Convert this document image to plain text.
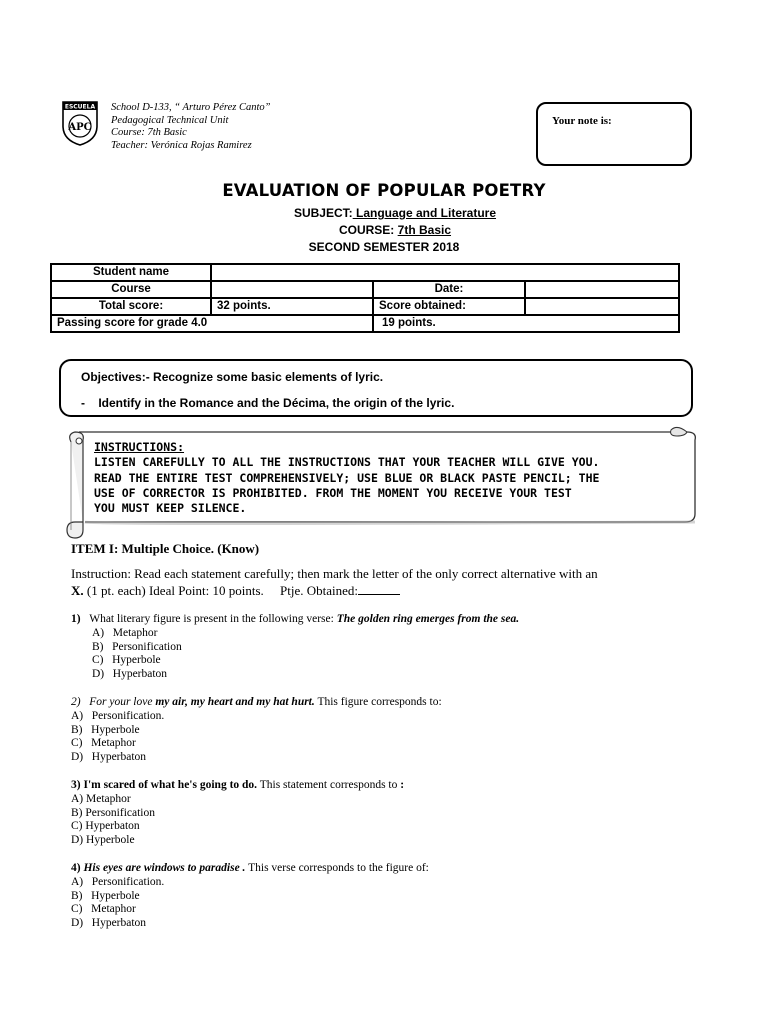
ESCUELA
APC
School D-133, “ Arturo Pérez Canto”
Pedagogical Technical Unit
Course: 7th Basic
Teacher: Verónica Rojas Ramirez
Your note is:
EVALUATION OF POPULAR POETRY
SUBJECT: Language and Literature
COURSE: 7th Basic
SECOND SEMESTER 2018
Student name			
Course		Date:	
Total score:	32 points.	Score obtained:	
Passing score for grade 4.0		19 points.	
Objectives:- Recognize some basic elements of lyric.
- Identify in the Romance and the Décima, the origin of the lyric.
INSTRUCTIONS:
LISTEN CAREFULLY TO ALL THE INSTRUCTIONS THAT YOUR TEACHER WILL GIVE YOU.
READ THE ENTIRE TEST COMPREHENSIVELY; USE BLUE OR BLACK PASTE PENCIL; THE
USE OF CORRECTOR IS PROHIBITED. FROM THE MOMENT YOU RECEIVE YOUR TEST
YOU MUST KEEP SILENCE.
ITEM I: Multiple Choice. (Know)
Instruction: Read each statement carefully; then mark the letter of the only correct alternative with an
X. (1 pt. each) Ideal Point: 10 points.     Ptje. Obtained:
1) What literary figure is present in the following verse: The golden ring emerges from the sea.
A) Metaphor
B) Personification
C) Hyperbole
D) Hyperbaton
2) For your love my air, my heart and my hat hurt. This figure corresponds to:
A) Personification.
B) Hyperbole
C) Metaphor
D) Hyperbaton
3) I'm scared of what he's going to do. This statement corresponds to :
A) Metaphor
B) Personification
C) Hyperbaton
D) Hyperbole
4) His eyes are windows to paradise . This verse corresponds to the figure of:
A) Personification.
B) Hyperbole
C) Metaphor
D) Hyperbaton
